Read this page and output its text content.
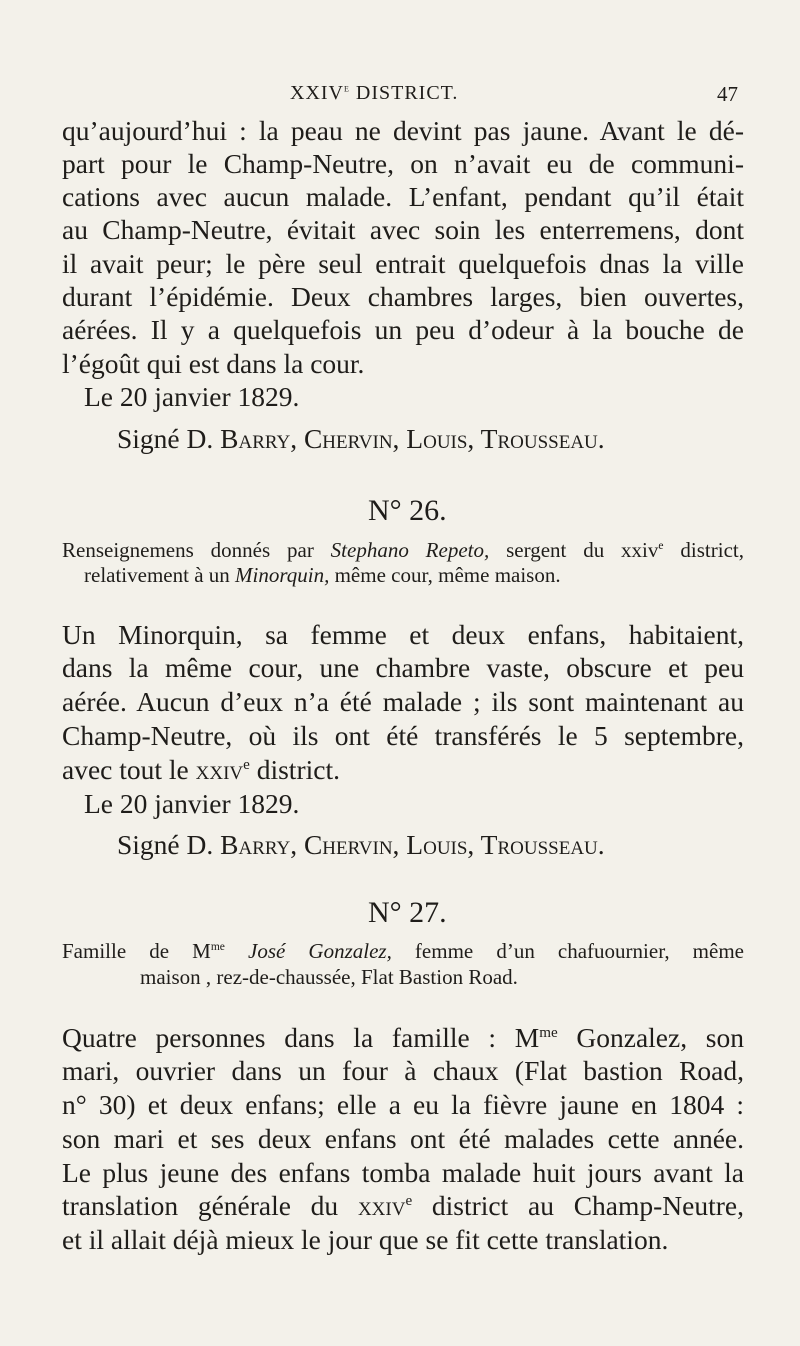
XXIVe DISTRICT.	47
qu’aujourd’hui : la peau ne devint pas jaune. Avant le dé-
part pour le Champ-Neutre, on n’avait eu de communi-
cations avec aucun malade. L’enfant, pendant qu’il était
au Champ-Neutre, évitait avec soin les enterremens, dont
il avait peur; le père seul entrait quelquefois dnas la ville
durant l’épidémie. Deux chambres larges, bien ouvertes,
aérées. Il y a quelquefois un peu d’odeur à la bouche de
l’égoût qui est dans la cour.
Le 20 janvier 1829.
Signé D. Barry, Chervin, Louis, Trousseau.
N° 26.
Renseignemens donnés par Stephano Repeto, sergent du xxiv$^e$ district,
relativement à un Minorquin, même cour, même maison.
Un Minorquin, sa femme et deux enfans, habitaient,
dans la même cour, une chambre vaste, obscure et peu
aérée. Aucun d’eux n’a été malade ; ils sont maintenant au
Champ-Neutre, où ils ont été transférés le 5 septembre,
avec tout le xxiv$^e$ district.
Le 20 janvier 1829.
Signé D. Barry, Chervin, Louis, Trousseau.
N° 27.
Famille de $M^{me}$ José Gonzalez, femme d’un chafuournier, même
maison , rez-de-chaussée, Flat Bastion Road.
Quatre personnes dans la famille : $M^{me}$ Gonzalez, son
mari, ouvrier dans un four à chaux (Flat bastion Road,
n° 30) et deux enfans; elle a eu la fièvre jaune en 1804 :
son mari et ses deux enfans ont été malades cette année.
Le plus jeune des enfans tomba malade huit jours avant la
translation générale du xxiv$^e$ district au Champ-Neutre,
et il allait déjà mieux le jour que se fit cette translation.
